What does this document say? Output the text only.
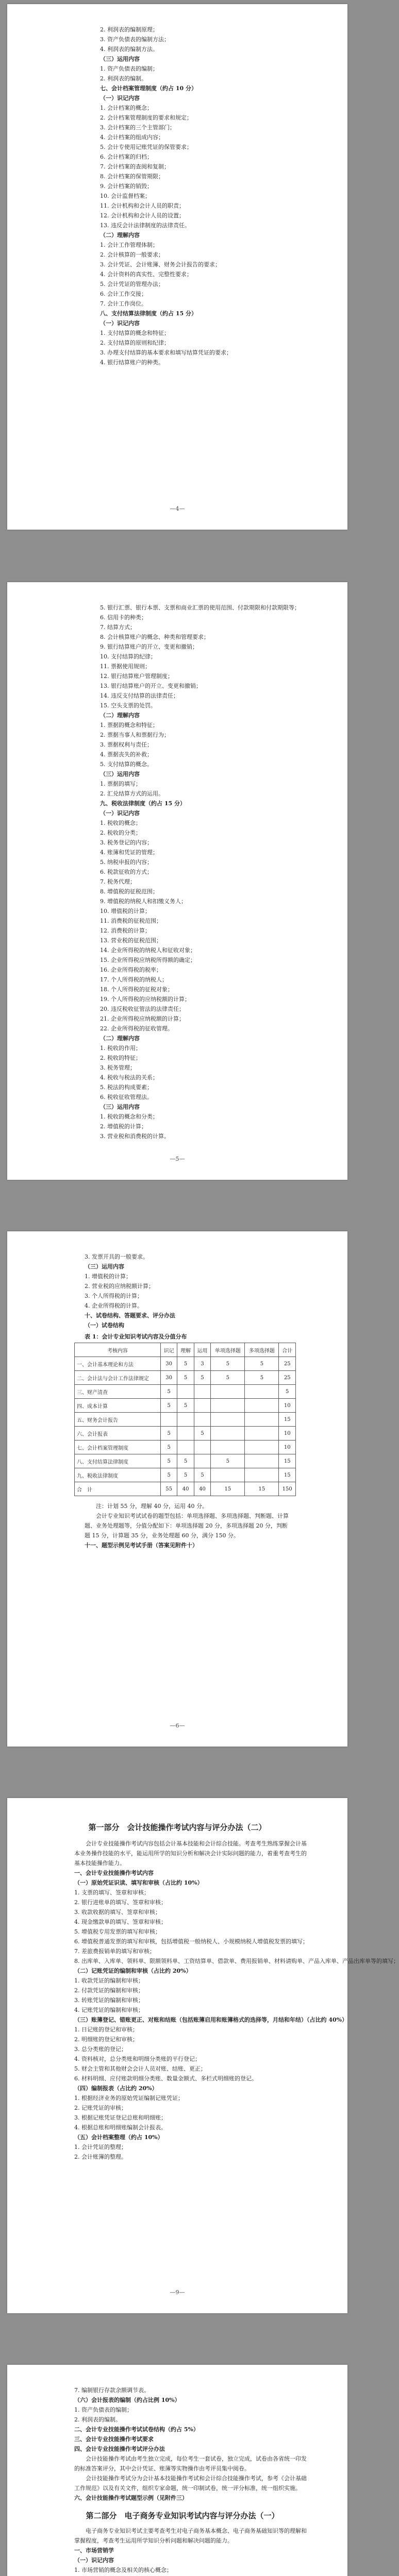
2. 利润表的编制原理；
3. 资产负债表的编制方法；
4. 利润表的编制方法。
（三）运用内容
1. 资产负债表的编制；
2. 利润表的编制。
七、会计档案管理制度（约占 10 分）
（一）识记内容
1. 会计档案的概念；
2. 会计档案管理制度的要求和规定；
3. 会计档案的三个主管部门；
4. 会计档案的组成内容；
5. 会计专使用记账凭证的保管要求；
6. 会计档案的归档；
7. 会计档案的查阅和复制；
8. 会计档案的保管期限；
9. 会计档案的销毁；
10. 会计监督档案；
11. 会计机构和会计人员的职责；
12. 会计机构和会计人员的设置；
13. 违反会计法律制度的法律责任。
（二）理解内容
1. 会计工作管理体制；
2. 会计核算的一般要求；
3. 会计凭证、会计账簿、财务会计报告的要求；
4. 会计资料的真实性、完整性要求；
5. 会计凭证的管理办法；
6. 会计工作交接；
7. 会计工作岗位。
八、支付结算法律制度（约占 15 分）
（一）识记内容
1. 支付结算的概念和特征；
2. 支付结算的原则和纪律；
3. 办理支付结算的基本要求和填写结算凭证的要求；
4. 银行结算账户的种类。
—4—
5. 银行汇票、银行本票、支票和商业汇票的使用范围、付款期限和付款期限等；
6. 信用卡的种类；
7. 结算方式；
8. 会计核算账户的概念、种类和管理要求；
9. 银行结算账户的开立、变更和撤销；
10. 支付结算的纪律；
11. 票据使用规则；
12. 银行结算账户管理制度；
13. 银行结算账户的开立、变更和撤销；
14. 违反支付结算的法律责任；
15. 空头支票的处罚。
（二）理解内容
1. 票据的概念和特征；
2. 票据当事人和票据行为；
3. 票据权利与责任；
4. 票据丧失的补救；
5. 支付结算的概念。
（三）运用内容
1. 票据的填写；
2. 汇兑结算方式的运用。
九、税收法律制度（约占 15 分）
（一）识记内容
1. 税收的概念；
2. 税收的分类；
3. 税务登记的内容；
4. 账簿和凭证的管理；
5. 纳税申报的内容；
6. 税款征收的方式；
7. 税务代理；
8. 增值税的征税范围；
9. 增值税的纳税人和扣缴义务人；
10. 增值税的计算；
11. 消费税的征税范围；
12. 消费税的计算；
13. 营业税的征税范围；
14. 企业所得税的纳税人和征收对象；
15. 企业所得税应纳税所得额的确定；
16. 企业所得税的税率；
17. 个人所得税的纳税人；
18. 个人所得税的征税对象；
19. 个人所得税的应纳税额的计算；
20. 违反税收征管法的法律责任；
21. 企业所得税应纳税额的计算；
22. 企业所得税的征收管理。
（二）理解内容
1. 税收的作用；
2. 税收的特征；
3. 税务管理；
4. 税收与税法的关系；
5. 税法的构成要素；
6. 税收征收管理法。
（三）运用内容
1. 税收的概念和分类；
2. 增值税的计算；
3. 营业税和消费税的计算。
—5—
3. 发票开具的一般要求。
（三）运用内容
1. 增值税的计算；
2. 营业税的应纳税额计算；
3. 个人所得税的计算；
4. 企业所得税的计算。
十、试卷结构、答题要求、评分办法
（一）试卷结构
表 1：会计专业知识考试内容及分值分布
考核内容	识记	理解	运用	单项选择题	多项选择题	合计
一、会计基本理论和方法	30	5	3	5	5	25
二、会计法与会计工作法律规定	30	5	5	5	5	25
三、财产清查	5					5
四、成本计算	5	5				10
五、财务会计报告						15
六、会计报表	5		5			10
七、会计档案管理制度	5					10
八、支付结算法律制度	5	5		5		15
九、税收法律制度	5	5	5			15
合　计	55	40	40	15	15	150
注：计划 55 分，理解 40 分，运用 40 分。
会计专业知识考试试卷的题型包括：单项选择题、多项选择题、判断题、计算题、业务处理题等，分值分配如下：单项选择题 20 分，多项选择题 20 分，判断题 15 分，计算题 35 分，业务处理题 60 分，满分 150 分。
十一、题型示例见考试手册（答案见附件十）
—6—
第一部分　会计技能操作考试内容与评分办法（二）
会计专业技能操作考试内容包括会计基本技能和会计综合技能。考查考生熟练掌握会计基本业务操作技能的水平，能运用所学的知识分析和解决会计实际问题的能力，着重考查考生的基本技能操作能力。
一、会计专业技能操作考试内容
（一）原始凭证识读、填写和审核（占比约 10%）
1. 支票的填写、签章和审核；
2. 银行进账单的填写、签章和审核；
3. 收款收据的填写、签章和审核；
4. 现金缴款单的填写、签章和审核；
5. 增值税专用发票的填写和审核；
6. 增值税普通发票的填写和审核，包括增值税一般纳税人、小规模纳税人增值税发票的填写；
7. 差旅费报销单的填写和审核；
8. 出库单、入库单、领料单、限额领料单、工资结算单、借款单、费用报销单、材料请购单、产品入库单、产品出库单等的填写；
（二）记账凭证的编制和审核（占比约 20%）
1. 收款凭证的编制和审核；
2. 付款凭证的编制和审核；
3. 转账凭证的编制和审核；
4. 记账凭证的编制和审核；
（三）账簿登记、错账更正、对账和结账（包括账簿启用和账簿格式的选择等，月结和年结）（占比约 40%）
1. 日记账的登记和审核；
2. 明细账的登记和审核；
3. 总分类账的登记；
4. 资料核对，总分类账和明细分类账的平行登记；
5. 财会主管和其他财会会计人员对账、结账、更正；
6. 材料明细、应付账款明细分类账、数量金额式、多栏式明细账的登记。
（四）编制报表（占比约 20%）
1. 根据经济业务的原始凭证编制记账凭证；
2. 记账凭证的审核；
3. 根据记账凭证登记总账和明细账；
4. 根据总账和明细账编制会计报表。
（五）会计档案整理（约占 10%）
1. 会计凭证的整理；
2. 会计账簿的整理。
—9—
7. 编制银行存款余额调节表。
（六）会计报表的编制（约占比例 10%）
1. 资产负债表的编制；
2. 利润表的编制。
二、会计专业技能操作考试试卷结构（约占 5%）
三、会计专业技能操作考试要求
四、会计专业技能操作考试评分办法
会计技能操作考试由考生独立完成，每位考生一套试卷，独立完成，试卷由各省统一印发的标准答案评分，其中会计凭证、账簿等实物操作由考评员集中阅卷。
会计技能操作考试分为会计基本技能操作考试和会计综合技能操作考试，参考《会计基础工作规范》以及有关文件，组织专家命题，统一印制试卷，统一评分标准，统一组织实施。
六、会计技能操作考试题型示例（见附件三）
第二部分　电子商务专业知识考试内容与评分办法（一）
电子商务专业知识考试主要考查考生对电子商务基本概念、电子商务基础知识等的理解和掌握程度，考查考生运用所学知识分析问题和解决问题的能力。
一、市场营销学
（一）识记内容
1. 市场营销的概念及相关的核心概念；
